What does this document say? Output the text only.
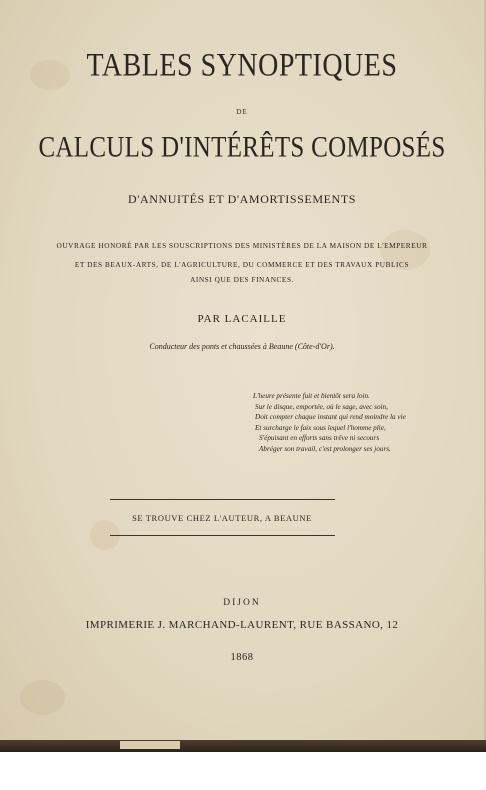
TABLES SYNOPTIQUES
DE
CALCULS D'INTÉRÊTS COMPOSÉS
D'ANNUITÉS ET D'AMORTISSEMENTS
OUVRAGE HONORÉ PAR LES SOUSCRIPTIONS DES MINISTÈRES DE LA MAISON DE L'EMPEREUR
ET DES BEAUX-ARTS, DE L'AGRICULTURE, DU COMMERCE ET DES TRAVAUX PUBLICS
AINSI QUE DES FINANCES.
PAR LACAILLE
Conducteur des ponts et chaussées à Beaune (Côte-d'Or).
L'heure présente fuit et bientôt sera loin.
Sur le disque, emportée, où le sage, avec soin,
Doit compter chaque instant qui rend moindre la vie
Et surcharge le faix sous lequel l'homme plie,
S'épuisant en efforts sans trêve ni secours
Abréger son travail, c'est prolonger ses jours.
SE TROUVE CHEZ L'AUTEUR, A BEAUNE
DIJON
IMPRIMERIE J. MARCHAND-LAURENT, RUE BASSANO, 12
1868
